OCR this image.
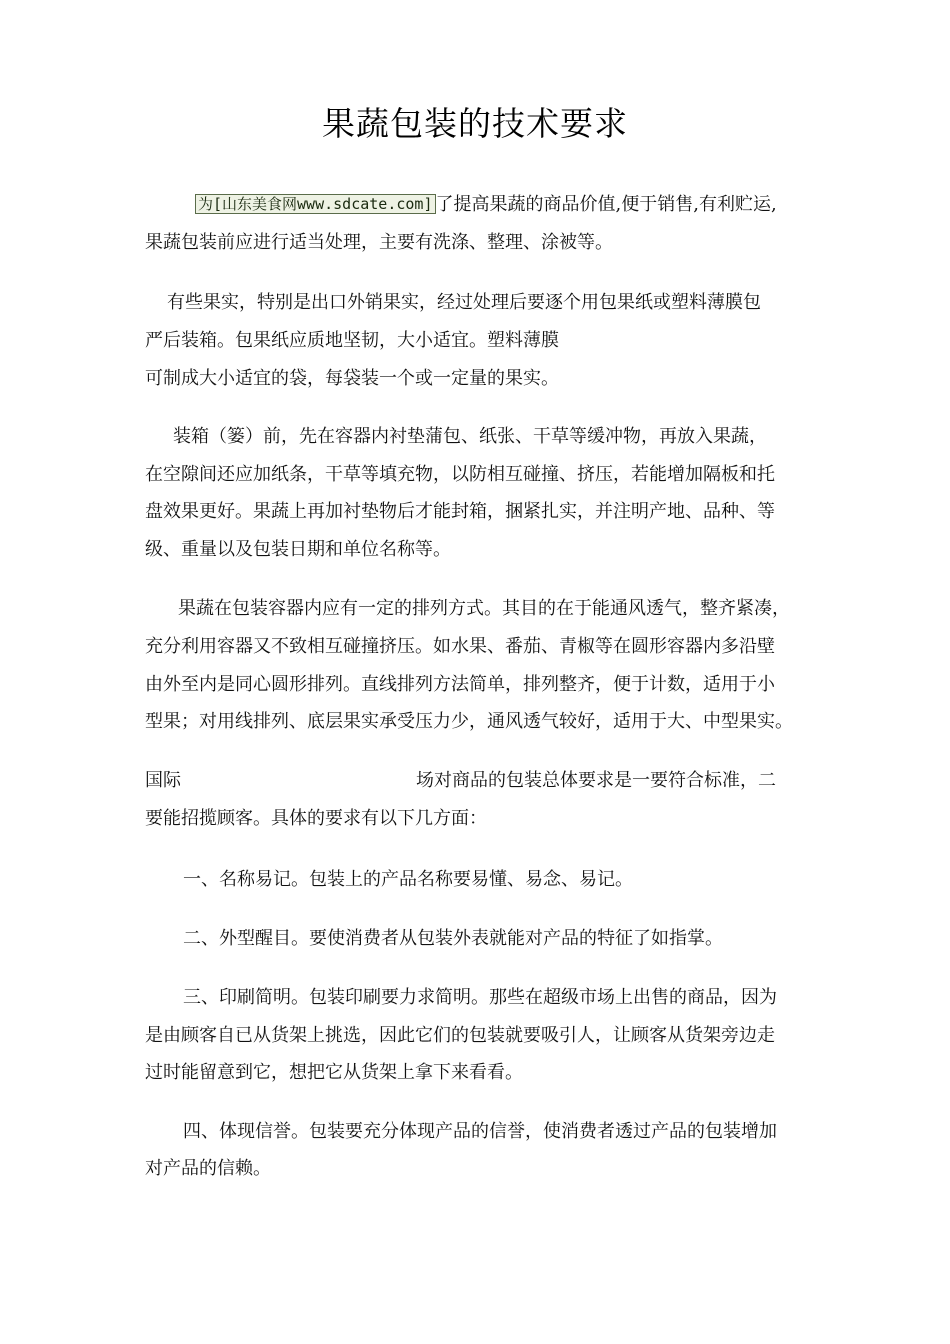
果蔬包装的技术要求
为[山东美食网www.sdcate.com] 了提高果蔬的商品价值,便于销售,有利贮运,
果蔬包装前应进行适当处理，主要有洗涤、整理、涂被等。
有些果实，特别是出口外销果实，经过处理后要逐个用包果纸或塑料薄膜包
严后装箱。包果纸应质地坚韧，大小适宜。塑料薄膜
可制成大小适宜的袋，每袋装一个或一定量的果实。
装箱（篓）前，先在容器内衬垫蒲包、纸张、干草等缓冲物，再放入果蔬，
在空隙间还应加纸条，干草等填充物，以防相互碰撞、挤压，若能增加隔板和托
盘效果更好。果蔬上再加衬垫物后才能封箱，捆紧扎实，并注明产地、品种、等
级、重量以及包装日期和单位名称等。
果蔬在包装容器内应有一定的排列方式。其目的在于能通风透气，整齐紧凑，
充分利用容器又不致相互碰撞挤压。如水果、番茄、青椒等在圆形容器内多沿壁
由外至内是同心圆形排列。直线排列方法简单，排列整齐，便于计数，适用于小
型果；对用线排列、底层果实承受压力少，通风透气较好，适用于大、中型果实。
国际	场对商品的包装总体要求是一要符合标准，二
要能招揽顾客。具体的要求有以下几方面：
一、名称易记。包装上的产品名称要易懂、易念、易记。
二、外型醒目。要使消费者从包装外表就能对产品的特征了如指掌。
三、印刷简明。包装印刷要力求简明。那些在超级市场上出售的商品，因为
是由顾客自已从货架上挑选，因此它们的包装就要吸引人，让顾客从货架旁边走
过时能留意到它，想把它从货架上拿下来看看。
四、体现信誉。包装要充分体现产品的信誉，使消费者透过产品的包装增加
对产品的信赖。
